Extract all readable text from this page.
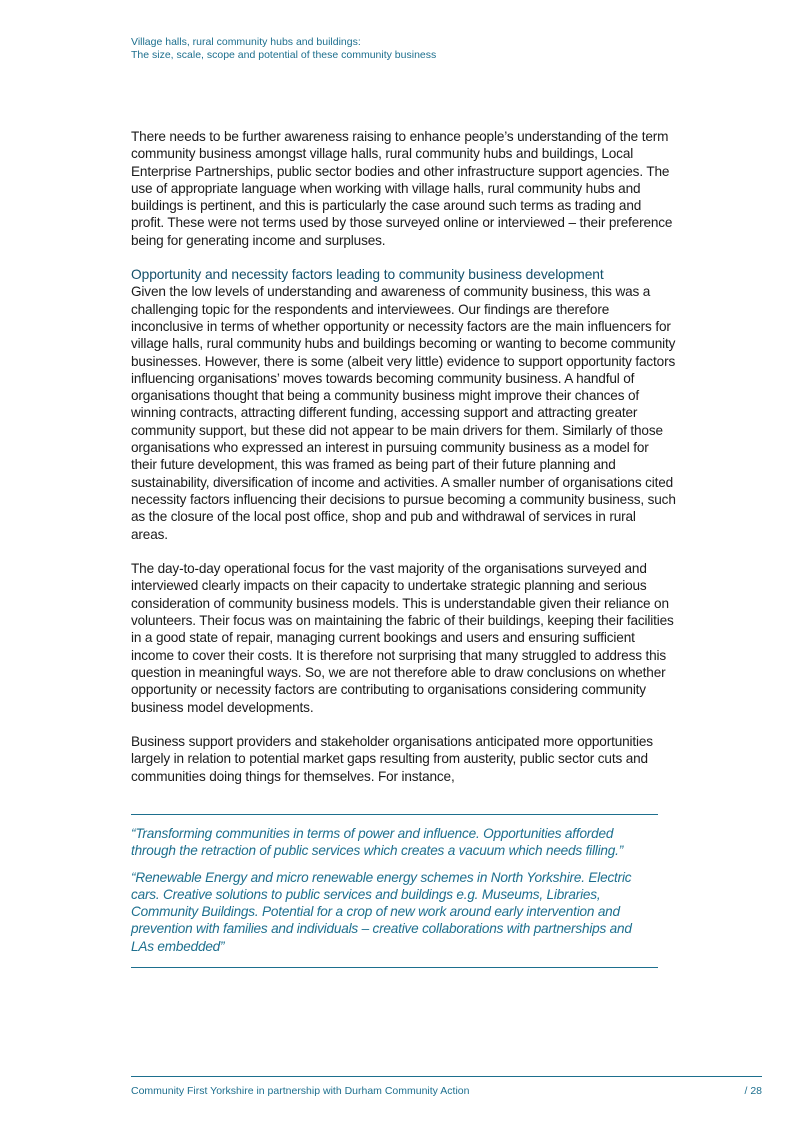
Village halls, rural community hubs and buildings:
The size, scale, scope and potential of these community business

There needs to be further awareness raising to enhance people’s understanding of the term community business amongst village halls, rural community hubs and buildings, Local Enterprise Partnerships, public sector bodies and other infrastructure support agencies. The use of appropriate language when working with village halls, rural community hubs and buildings is pertinent, and this is particularly the case around such terms as trading and profit. These were not terms used by those surveyed online or interviewed – their preference being for generating income and surpluses.

Opportunity and necessity factors leading to community business development

Given the low levels of understanding and awareness of community business, this was a challenging topic for the respondents and interviewees. Our findings are therefore inconclusive in terms of whether opportunity or necessity factors are the main influencers for village halls, rural community hubs and buildings becoming or wanting to become community businesses. However, there is some (albeit very little) evidence to support opportunity factors influencing organisations’ moves towards becoming community business. A handful of organisations thought that being a community business might improve their chances of winning contracts, attracting different funding, accessing support and attracting greater community support, but these did not appear to be main drivers for them. Similarly of those organisations who expressed an interest in pursuing community business as a model for their future development, this was framed as being part of their future planning and sustainability, diversification of income and activities. A smaller number of organisations cited necessity factors influencing their decisions to pursue becoming a community business, such as the closure of the local post office, shop and pub and withdrawal of services in rural areas.

The day-to-day operational focus for the vast majority of the organisations surveyed and interviewed clearly impacts on their capacity to undertake strategic planning and serious consideration of community business models. This is understandable given their reliance on volunteers. Their focus was on maintaining the fabric of their buildings, keeping their facilities in a good state of repair, managing current bookings and users and ensuring sufficient income to cover their costs. It is therefore not surprising that many struggled to address this question in meaningful ways. So, we are not therefore able to draw conclusions on whether opportunity or necessity factors are contributing to organisations considering community business model developments.

Business support providers and stakeholder organisations anticipated more opportunities largely in relation to potential market gaps resulting from austerity, public sector cuts and communities doing things for themselves. For instance,

“Transforming communities in terms of power and influence. Opportunities afforded through the retraction of public services which creates a vacuum which needs filling.”

“Renewable Energy and micro renewable energy schemes in North Yorkshire. Electric cars. Creative solutions to public services and buildings e.g. Museums, Libraries, Community Buildings. Potential for a crop of new work around early intervention and prevention with families and individuals – creative collaborations with partnerships and LAs embedded”

Community First Yorkshire in partnership with Durham Community Action	/ 28
